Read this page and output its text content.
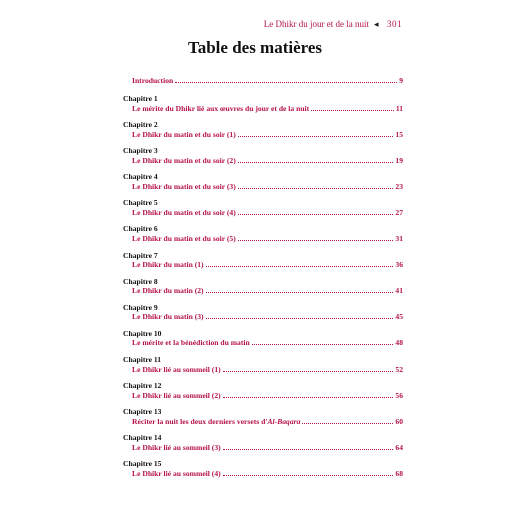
Le Dhikr du jour et de la nuit ◂ 301
Table des matières
Introduction	9
Chapitre 1
Le mérite du Dhikr lié aux œuvres du jour et de la nuit	11
Chapitre 2
Le Dhikr du matin et du soir (1)	15
Chapitre 3
Le Dhikr du matin et du soir (2)	19
Chapitre 4
Le Dhikr du matin et du soir (3)	23
Chapitre 5
Le Dhikr du matin et du soir (4)	27
Chapitre 6
Le Dhikr du matin et du soir (5)	31
Chapitre 7
Le Dhikr du matin (1)	36
Chapitre 8
Le Dhikr du matin (2)	41
Chapitre 9
Le Dhikr du matin (3)	45
Chapitre 10
Le mérite et la bénédiction du matin	48
Chapitre 11
Le Dhikr lié au sommeil (1)	52
Chapitre 12
Le Dhikr lié au sommeil (2)	56
Chapitre 13
Réciter la nuit les deux derniers versets d'Al-Baqara	60
Chapitre 14
Le Dhikr lié au sommeil (3)	64
Chapitre 15
Le Dhikr lié au sommeil (4)	68
